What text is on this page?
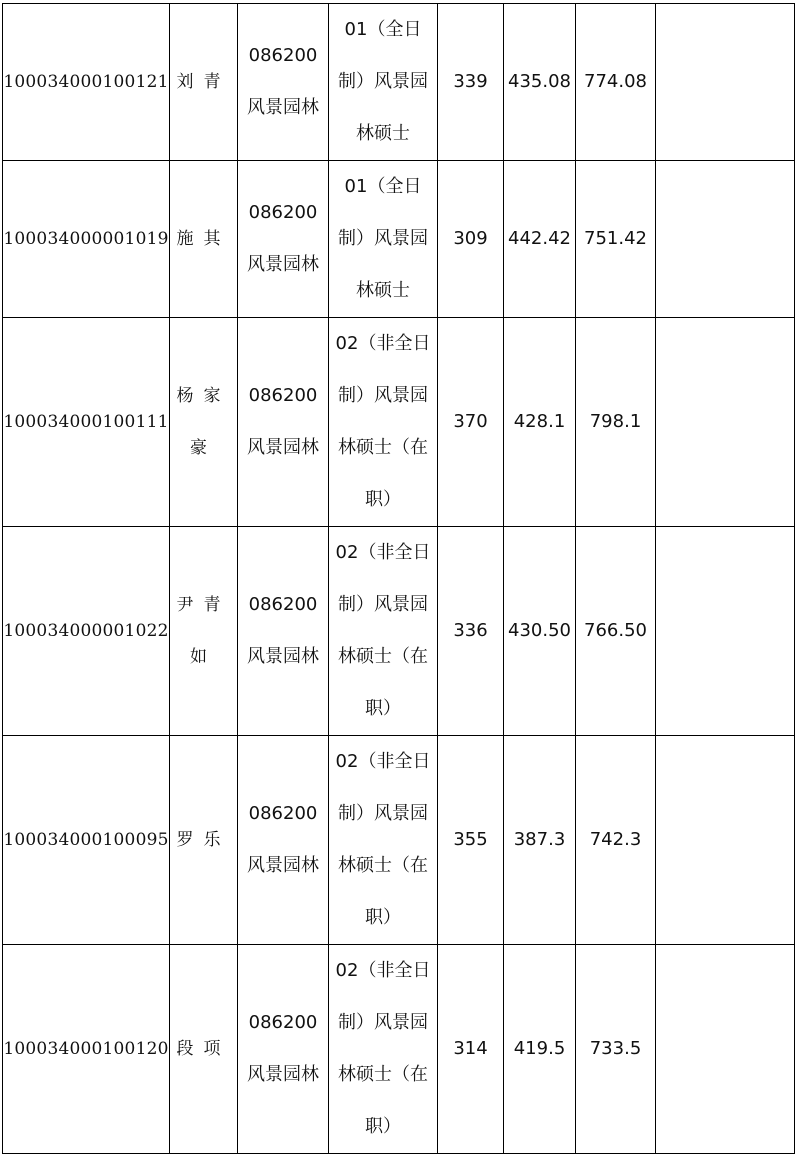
100034000100121	刘青	086200
风景园林	01（全日
制）风景园
林硕士	339	435.08	774.08	
100034000001019	施其	086200
风景园林	01（全日
制）风景园
林硕士	309	442.42	751.42	
100034000100111	杨家豪	086200
风景园林	02（非全日
制）风景园
林硕士（在
职）	370	428.1	798.1	
100034000001022	尹青如	086200
风景园林	02（非全日
制）风景园
林硕士（在
职）	336	430.50	766.50	
100034000100095	罗乐	086200
风景园林	02（非全日
制）风景园
林硕士（在
职）	355	387.3	742.3	
100034000100120	段项	086200
风景园林	02（非全日
制）风景园
林硕士（在
职）	314	419.5	733.5	
